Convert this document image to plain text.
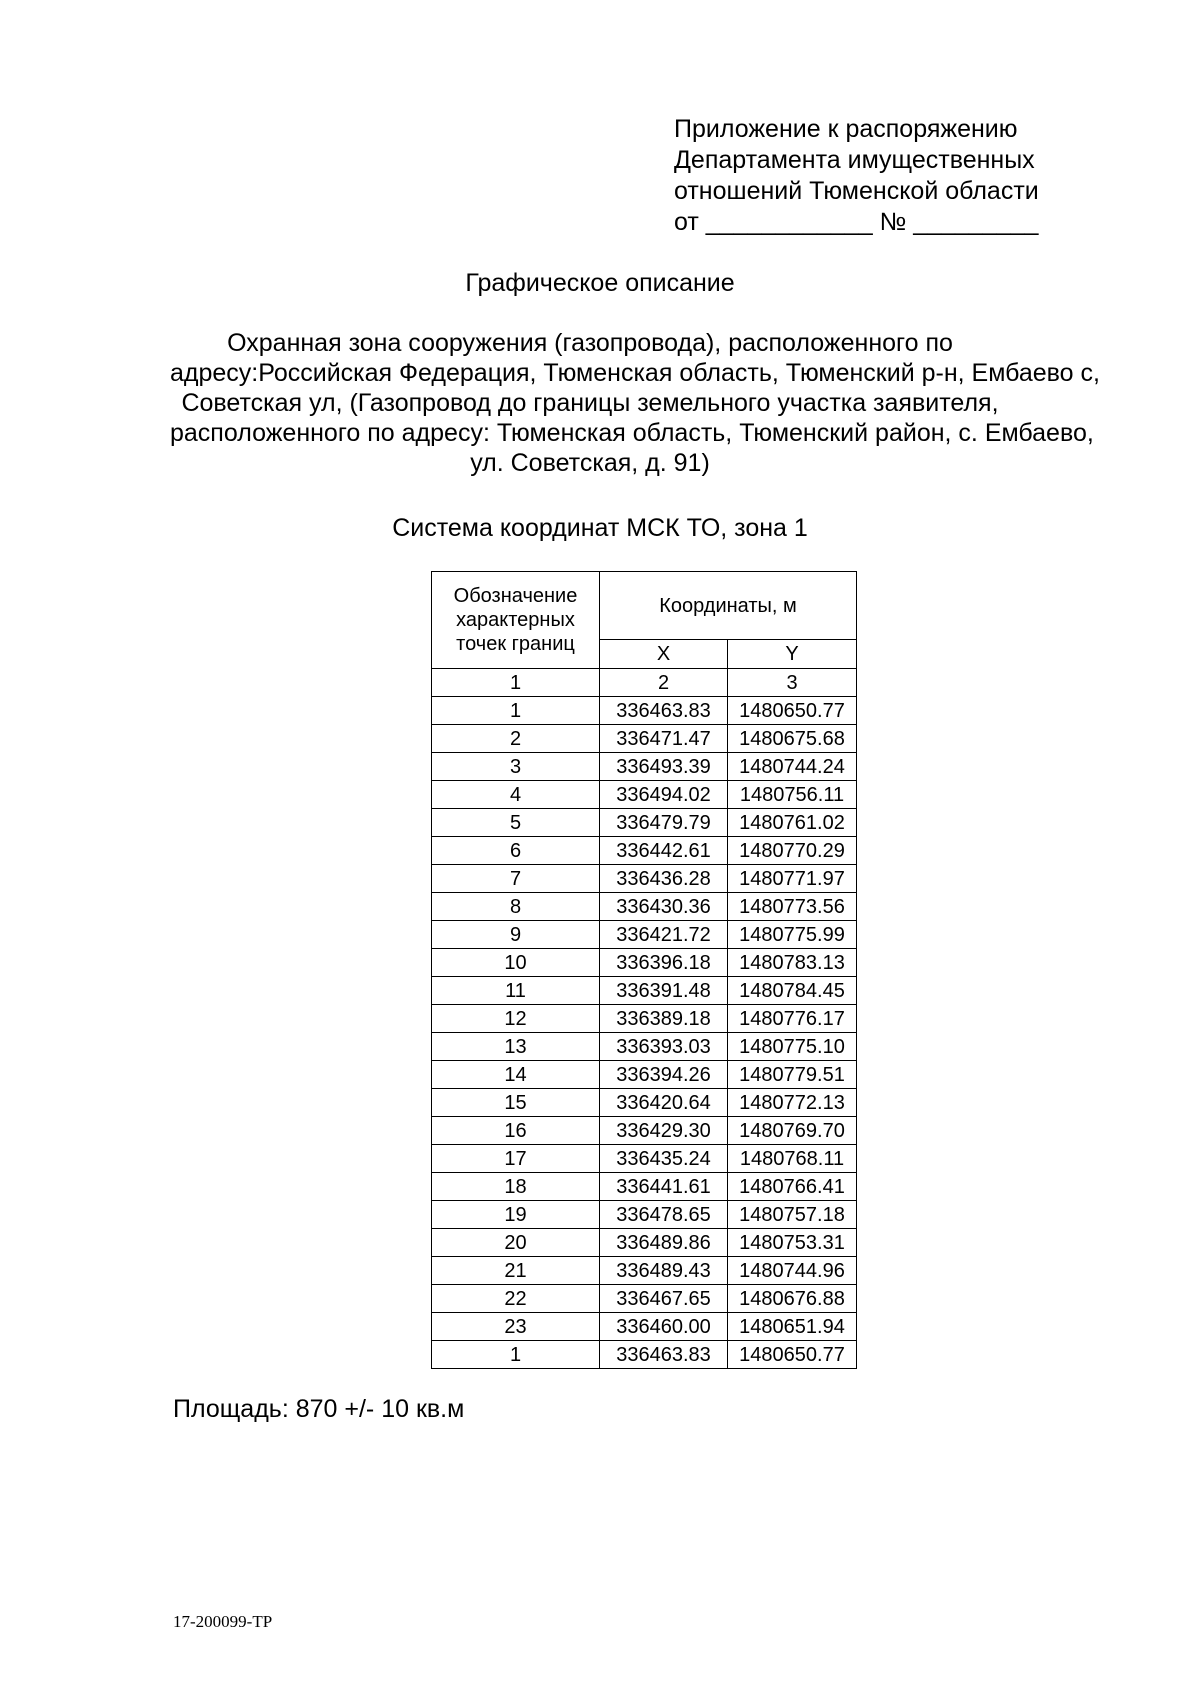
Приложение к распоряжению
Департамента имущественных
отношений Тюменской области
от ____________ № _________
Графическое описание
Охранная зона сооружения (газопровода), расположенного по
адресу:Российская Федерация, Тюменская область, Тюменский р-н, Ембаево с,
Советская ул, (Газопровод до границы земельного участка заявителя,
расположенного по адресу: Тюменская область, Тюменский район, с. Ембаево,
ул. Советская, д. 91)
Система координат МСК ТО, зона 1
Обозначение характерных точек границ	Координаты, м	
	X	Y
1	2	3
1	336463.83	1480650.77
2	336471.47	1480675.68
3	336493.39	1480744.24
4	336494.02	1480756.11
5	336479.79	1480761.02
6	336442.61	1480770.29
7	336436.28	1480771.97
8	336430.36	1480773.56
9	336421.72	1480775.99
10	336396.18	1480783.13
11	336391.48	1480784.45
12	336389.18	1480776.17
13	336393.03	1480775.10
14	336394.26	1480779.51
15	336420.64	1480772.13
16	336429.30	1480769.70
17	336435.24	1480768.11
18	336441.61	1480766.41
19	336478.65	1480757.18
20	336489.86	1480753.31
21	336489.43	1480744.96
22	336467.65	1480676.88
23	336460.00	1480651.94
1	336463.83	1480650.77
Площадь: 870 +/- 10 кв.м
17-200099-ТР
